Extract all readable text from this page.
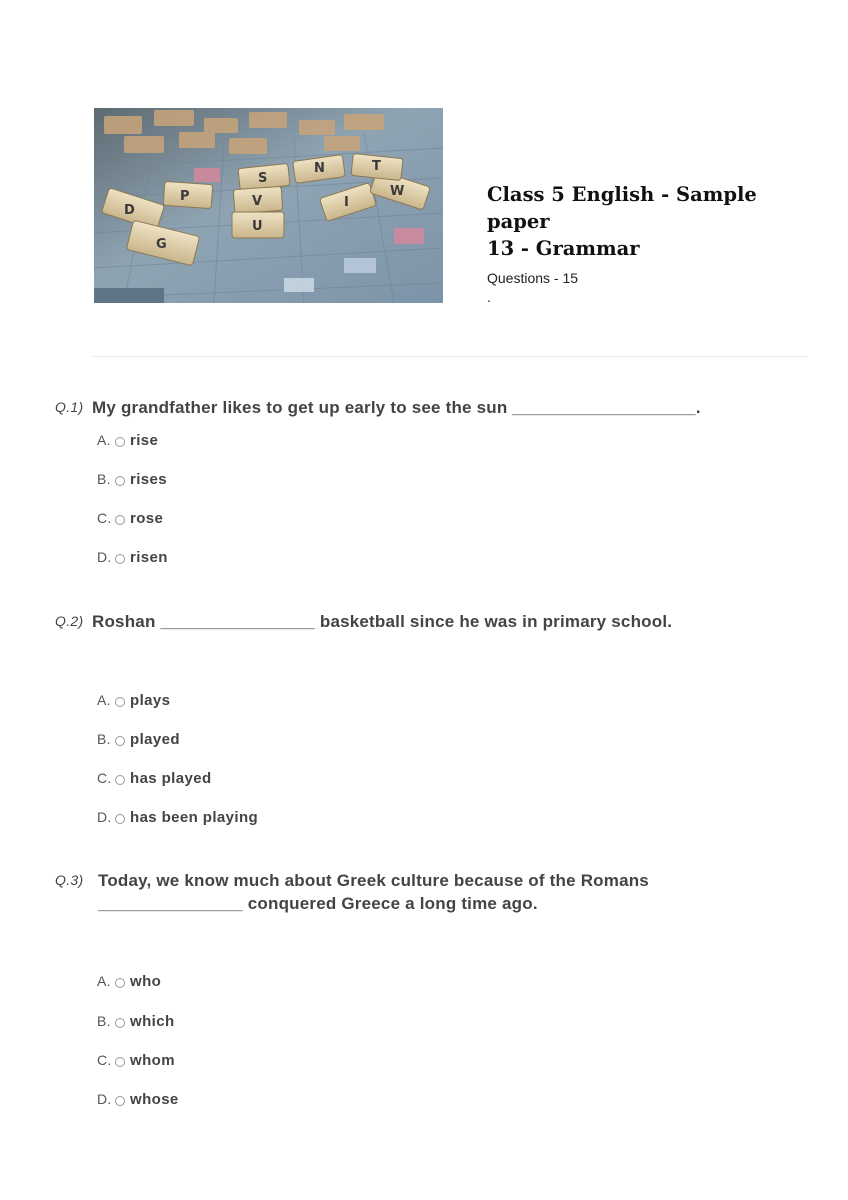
S
V
P
U
D
G
I
W
N	T

Class 5 English - Sample paper
13 - Grammar

Questions - 15
.
Q.1) My grandfather likes to get up early to see the sun ___________________.
A. rise
B. rises
C. rose
D. risen
Q.2) Roshan ________________ basketball since he was in primary school.
A. plays
B. played
C. has played
D. has been playing
Q.3) Today, we know much about Greek culture because of the Romans
_______________ conquered Greece a long time ago.
A. who
B. which
C. whom
D. whose
